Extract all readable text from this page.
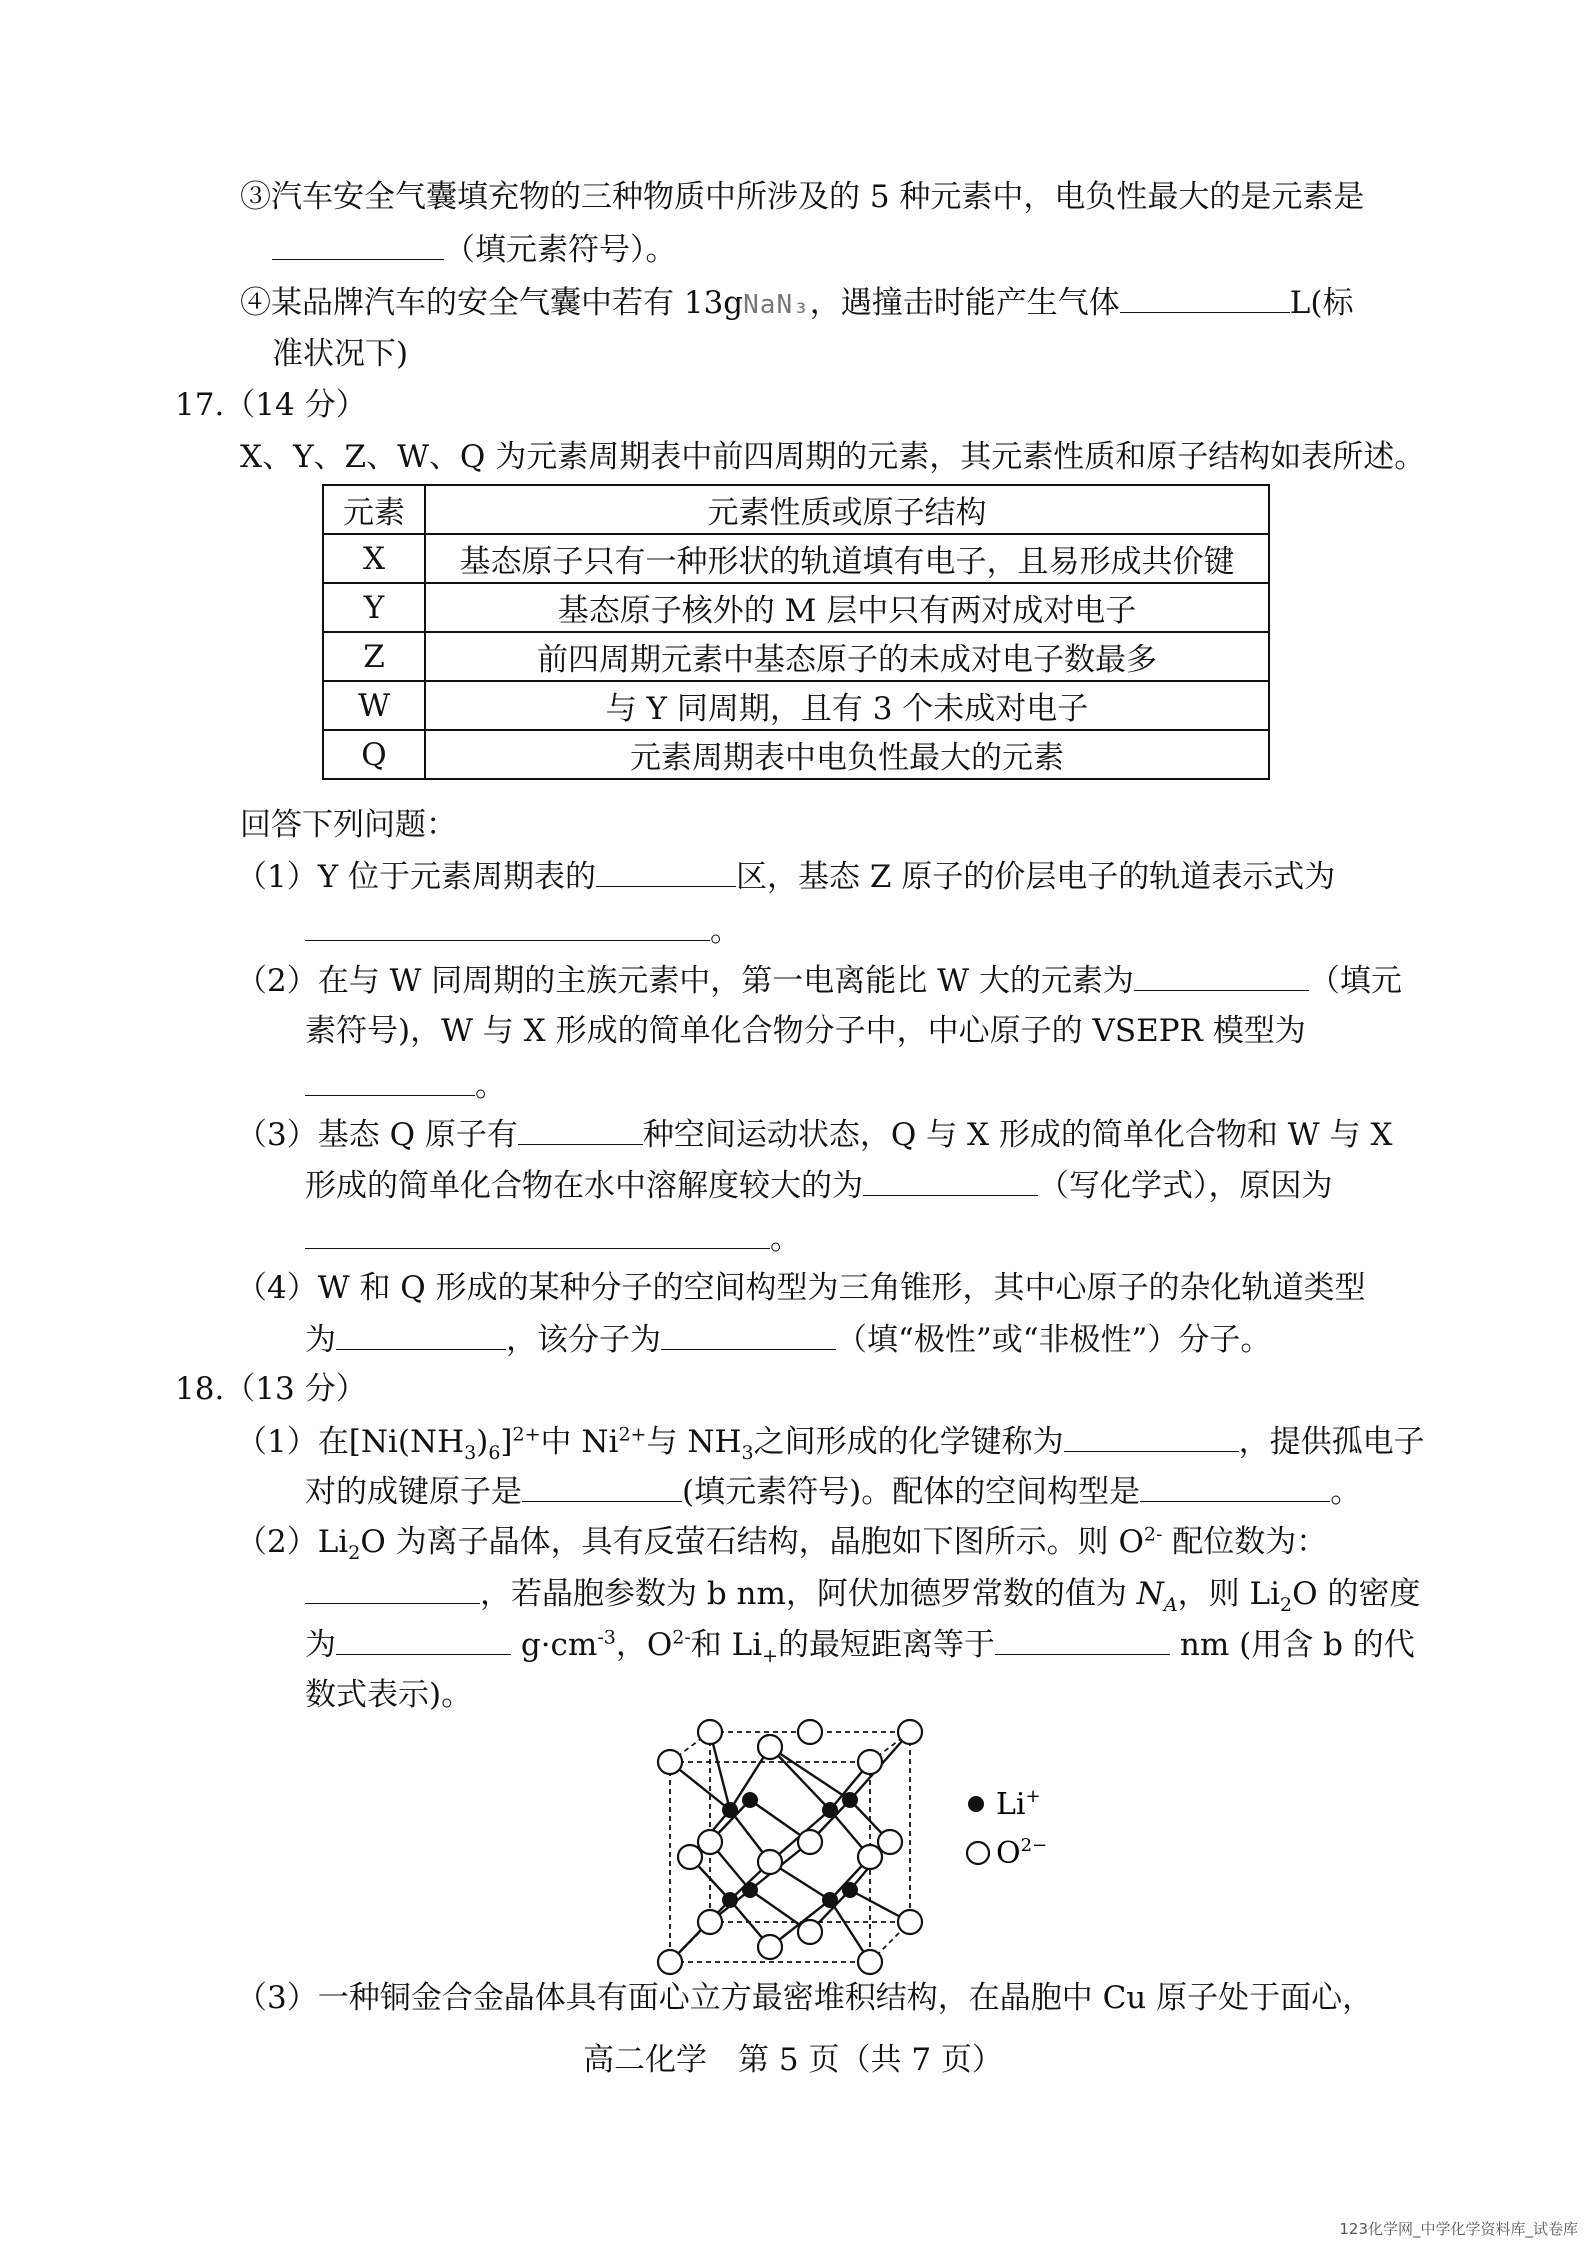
③汽车安全气囊填充物的三种物质中所涉及的 5 种元素中，电负性最大的是元素是
（填元素符号）。
④某品牌汽车的安全气囊中若有 13gNaN₃，遇撞击时能产生气体	L(标
准状况下)
17.（14 分）
X、Y、Z、W、Q 为元素周期表中前四周期的元素，其元素性质和原子结构如表所述。
元素	元素性质或原子结构
X	基态原子只有一种形状的轨道填有电子，且易形成共价键
Y	基态原子核外的 M 层中只有两对成对电子
Z	前四周期元素中基态原子的未成对电子数最多
W	与 Y 同周期，且有 3 个未成对电子
Q	元素周期表中电负性最大的元素
回答下列问题：
（1）Y 位于元素周期表的	区，基态 Z 原子的价层电子的轨道表示式为
。
（2）在与 W 同周期的主族元素中，第一电离能比 W 大的元素为	（填元
素符号)，W 与 X 形成的简单化合物分子中，中心原子的 VSEPR 模型为
。
（3）基态 Q 原子有	种空间运动状态，Q 与 X 形成的简单化合物和 W 与 X
形成的简单化合物在水中溶解度较大的为	（写化学式），原因为
。
（4）W 和 Q 形成的某种分子的空间构型为三角锥形，其中心原子的杂化轨道类型
为	，该分子为	（填“极性”或“非极性”）分子。
18.（13 分）
（1）在$[Ni(NH_3)_6]^{2+}$中 $Ni^{2+}$与 $NH_3$之间形成的化学键称为	，提供孤电子
对的成键原子是	(填元素符号)。配体的空间构型是	。
$(2)Li_2O$ 为离子晶体，具有反萤石结构，晶胞如下图所示。则 $O^{2-}$ 配位数为：
，若晶胞参数为 b nm，阿伏加德罗常数的值为 $N_A$，则 $Li_2O$ 的密度
为	$g\cdot cm^{-3}$，$O^{2-}$和 $Li_+$的最短距离等于	nm (用含 b 的代
数式表示)。
Li+
$O^{2-}$
（3）一种铜金合金晶体具有面心立方最密堆积结构，在晶胞中 Cu 原子处于面心，
高二化学　第 5 页（共 7 页）
123化学网_中学化学资料库_试卷库
